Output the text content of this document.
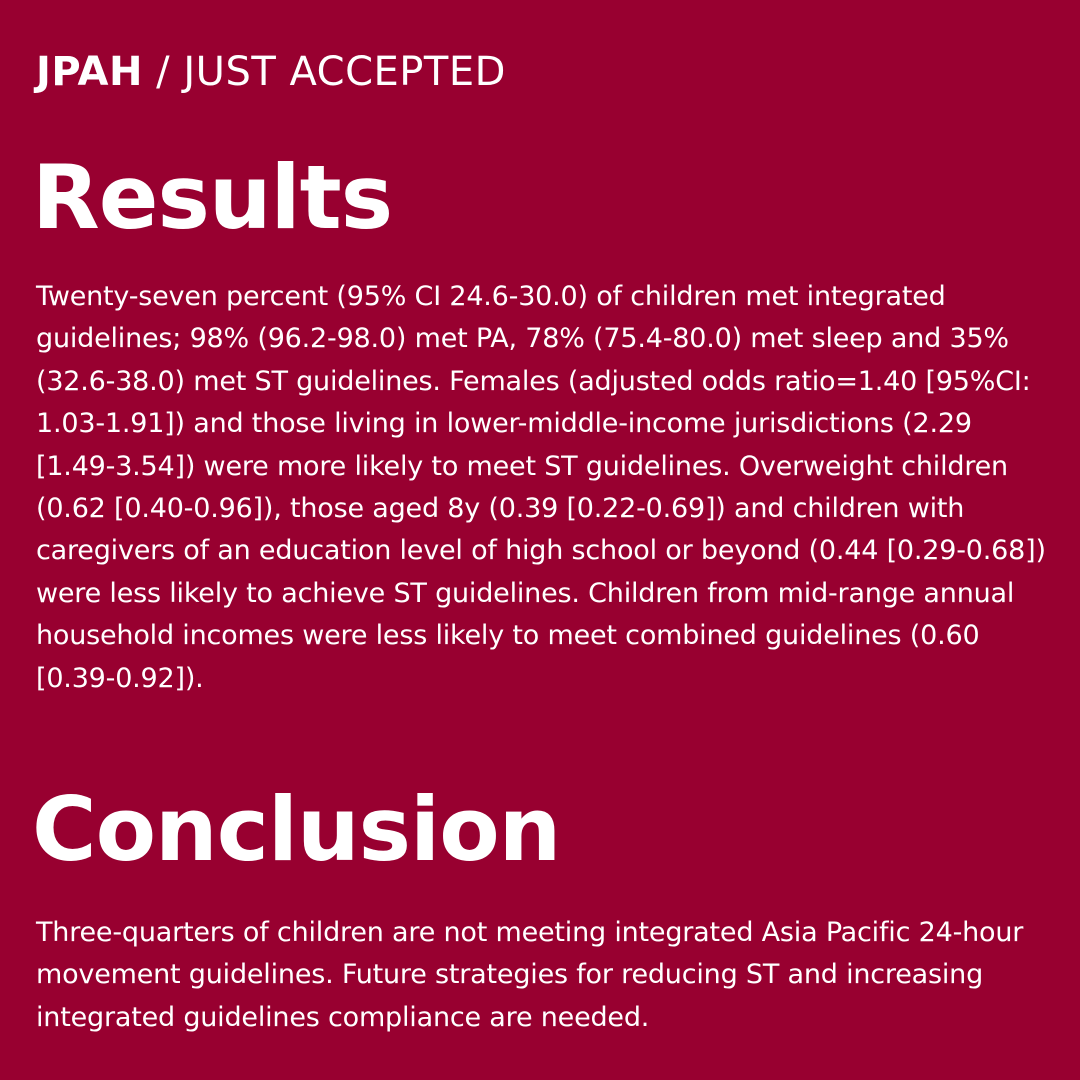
JPAH / JUST ACCEPTED
Results
Twenty-seven percent (95% CI 24.6-30.0) of children met integrated guidelines; 98% (96.2-98.0) met PA, 78% (75.4-80.0) met sleep and 35% (32.6-38.0) met ST guidelines. Females (adjusted odds ratio=1.40 [95%CI: 1.03-1.91]) and those living in lower-middle-income jurisdictions (2.29 [1.49-3.54]) were more likely to meet ST guidelines. Overweight children (0.62 [0.40-0.96]), those aged 8y (0.39 [0.22-0.69]) and children with caregivers of an education level of high school or beyond (0.44 [0.29-0.68]) were less likely to achieve ST guidelines. Children from mid-range annual household incomes were less likely to meet combined guidelines (0.60 [0.39-0.92]).
Conclusion
Three-quarters of children are not meeting integrated Asia Pacific 24-hour movement guidelines. Future strategies for reducing ST and increasing integrated guidelines compliance are needed.
